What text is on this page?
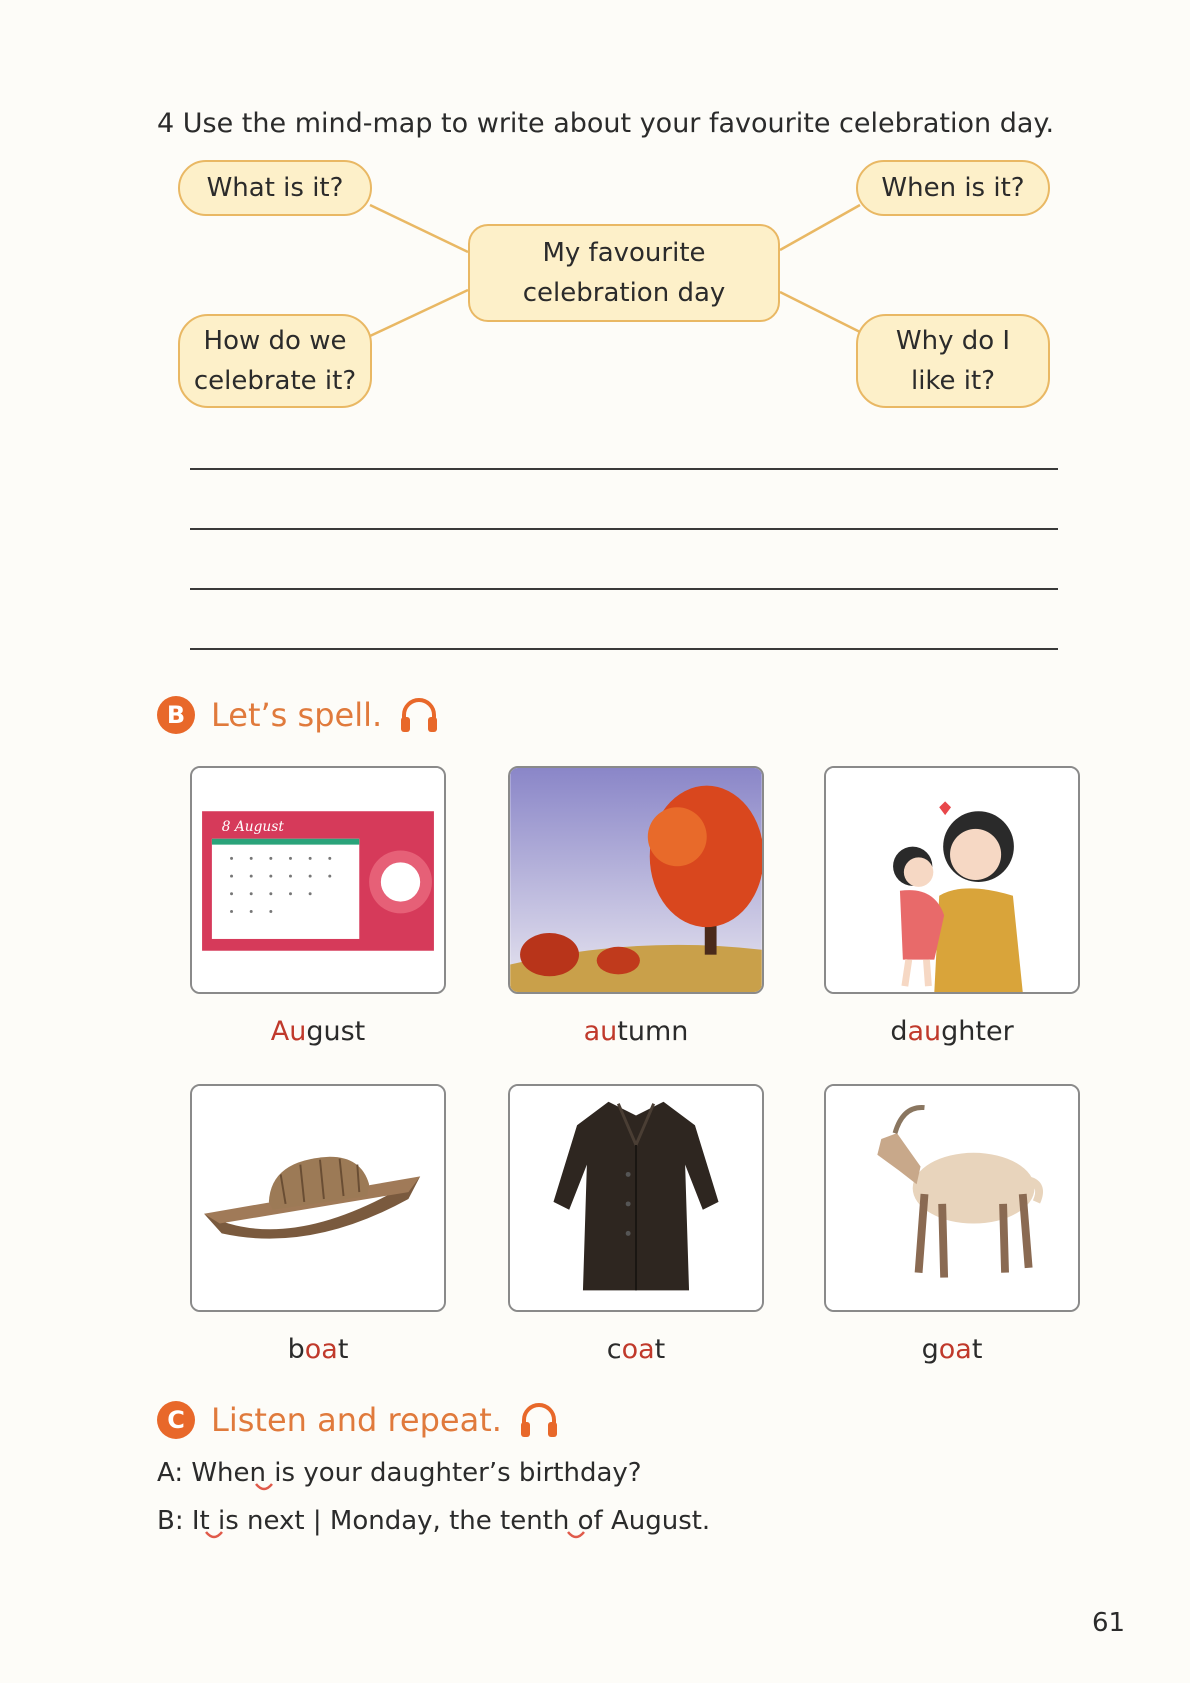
4 Use the mind-map to write about your favourite celebration day.
What is it?	When is it?
My favourite
celebration day
How do we
celebrate it?
Why do I
like it?
B Let’s spell.
8 August
August	autumn	daughter
boat	coat	goat
C Listen and repeat.
A: When is your daughter’s birthday?
B: It is next | Monday, the tenth of August.
61
